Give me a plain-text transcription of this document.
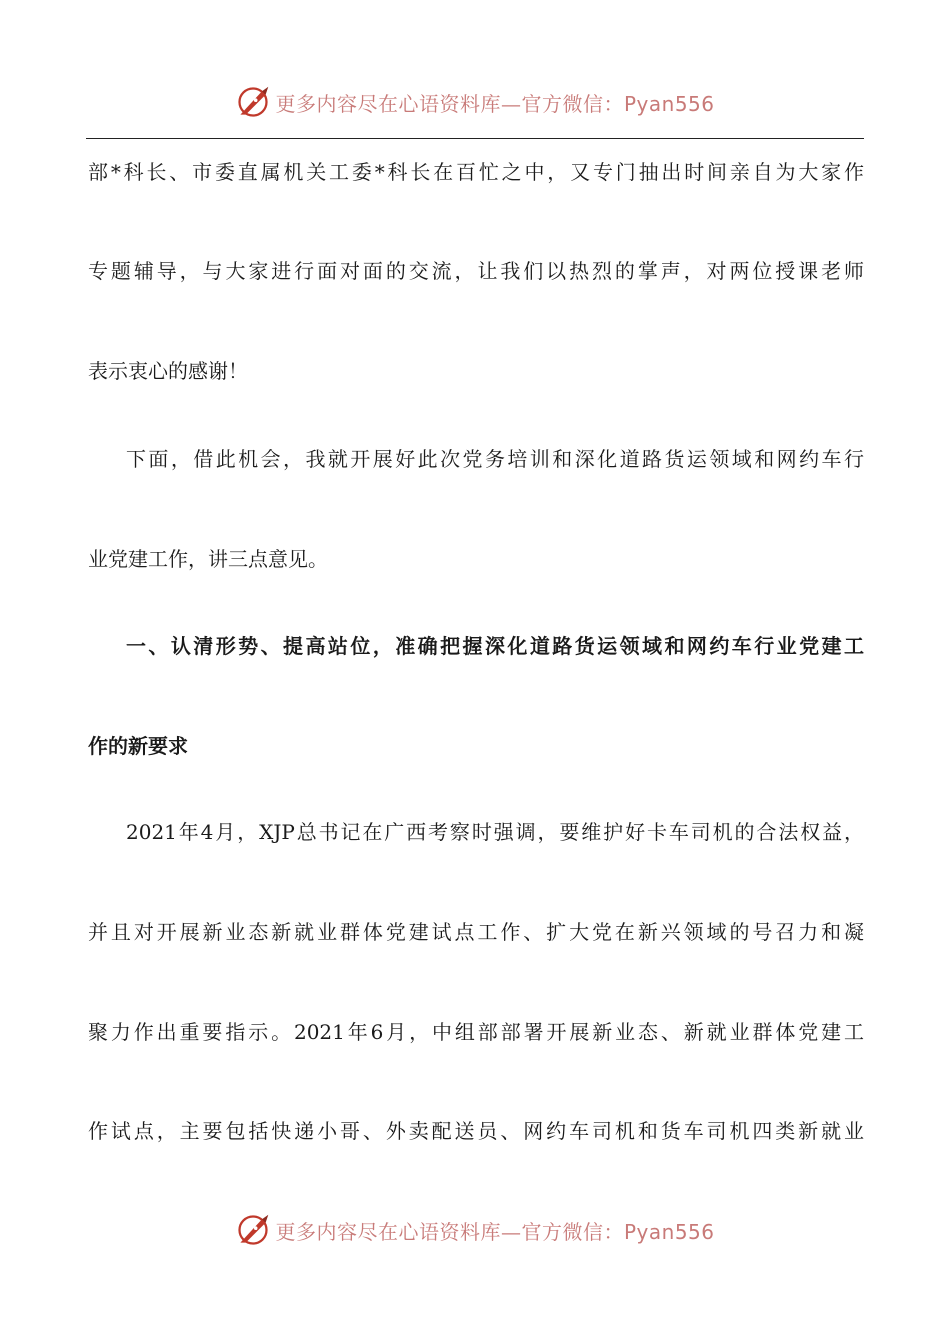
更多内容尽在心语资料库—官方微信：Pyan556
部*科长、市委直属机关工委*科长在百忙之中，又专门抽出时间亲自为大家作
专题辅导，与大家进行面对面的交流，让我们以热烈的掌声，对两位授课老师
表示衷心的感谢！
下面，借此机会，我就开展好此次党务培训和深化道路货运领域和网约车行
业党建工作，讲三点意见。
一、认清形势、提高站位，准确把握深化道路货运领域和网约车行业党建工
作的新要求
2021年4月，XJP总书记在广西考察时强调，要维护好卡车司机的合法权益，
并且对开展新业态新就业群体党建试点工作、扩大党在新兴领域的号召力和凝
聚力作出重要指示。2021年6月，中组部部署开展新业态、新就业群体党建工
作试点，主要包括快递小哥、外卖配送员、网约车司机和货车司机四类新就业
更多内容尽在心语资料库—官方微信：Pyan556
